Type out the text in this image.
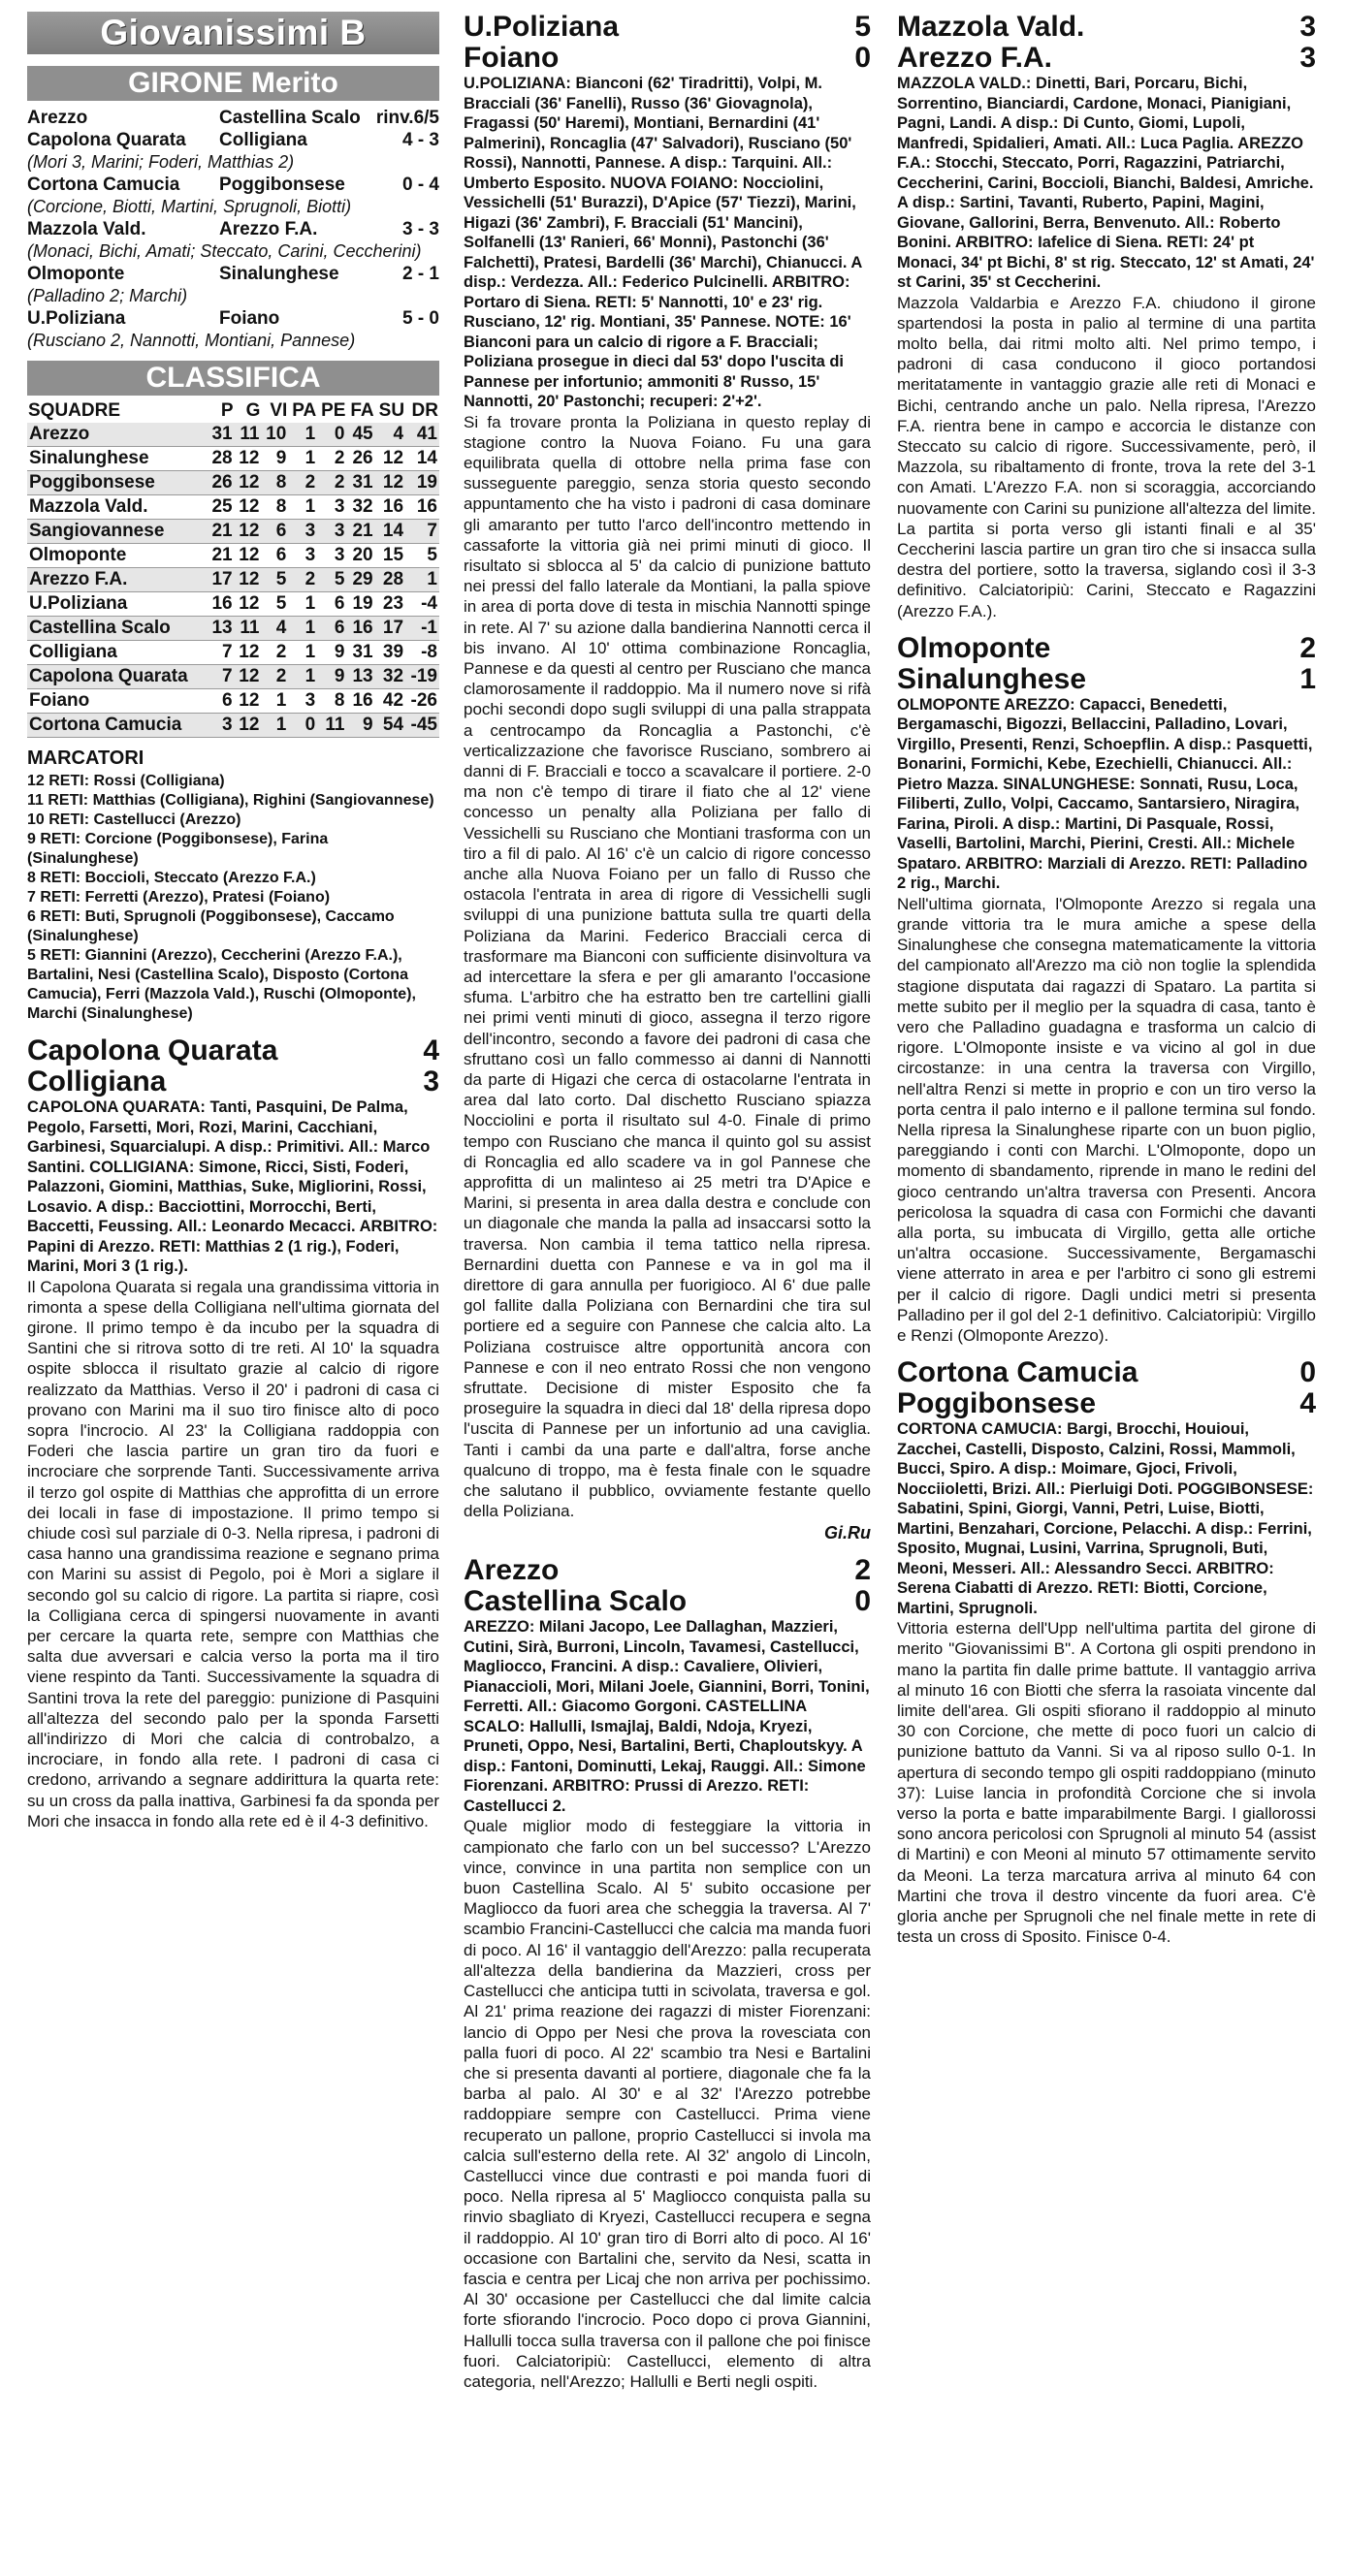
Giovanissimi B
GIRONE Merito
Arezzo	Castellina Scalo rinv.6/5
Capolona Quarata	Colligiana	4 - 3
(Mori 3, Marini; Foderi, Matthias 2)
Cortona Camucia	Poggibonsese	0 - 4
(Corcione, Biotti, Martini, Sprugnoli, Biotti)
Mazzola Vald.	Arezzo F.A.	3 - 3
(Monaci, Bichi, Amati; Steccato, Carini, Ceccherini)
Olmoponte	Sinalunghese	2 - 1
(Palladino 2; Marchi)
U.Poliziana	Foiano	5 - 0
(Rusciano 2, Nannotti, Montiani, Pannese)
CLASSIFICA
SQUADRE	P	G	VI	PA	PE	FA	SU	DR
Arezzo	31	11	10	1	0	45	4	41
Sinalunghese	28	12	9	1	2	26	12	14
Poggibonsese	26	12	8	2	2	31	12	19
Mazzola Vald.	25	12	8	1	3	32	16	16
Sangiovannese	21	12	6	3	3	21	14	7
Olmoponte	21	12	6	3	3	20	15	5
Arezzo F.A.	17	12	5	2	5	29	28	1
U.Poliziana	16	12	5	1	6	19	23	-4
Castellina Scalo	13	11	4	1	6	16	17	-1
Colligiana	7	12	2	1	9	31	39	-8
Capolona Quarata	7	12	2	1	9	13	32	-19
Foiano	6	12	1	3	8	16	42	-26
Cortona Camucia	3	12	1	0	11	9	54	-45
MARCATORI
12 RETI: Rossi (Colligiana)
11 RETI: Matthias (Colligiana), Righini (Sangiovannese)
10 RETI: Castellucci (Arezzo)
9 RETI: Corcione (Poggibonsese), Farina (Sinalunghese)
8 RETI: Boccioli, Steccato (Arezzo F.A.)
7 RETI: Ferretti (Arezzo), Pratesi (Foiano)
6 RETI: Buti, Sprugnoli (Poggibonsese), Caccamo (Sinalunghese)
5 RETI: Giannini (Arezzo), Ceccherini (Arezzo F.A.), Bartalini, Nesi (Castellina Scalo), Disposto (Cortona Camucia), Ferri (Mazzola Vald.), Ruschi (Olmoponte), Marchi (Sinalunghese)
Capolona Quarata	4
Colligiana	3
CAPOLONA QUARATA: Tanti, Pasquini, De Palma, Pegolo, Farsetti, Mori, Rozi, Marini, Cacchiani, Garbinesi, Squarcialupi. A disp.: Primitivi. All.: Marco Santini. COLLIGIANA: Simone, Ricci, Sisti, Foderi, Palazzoni, Giomini, Matthias, Suke, Migliorini, Rossi, Losavio. A disp.: Bacciottini, Morrocchi, Berti, Baccetti, Feussing. All.: Leonardo Mecacci. ARBITRO: Papini di Arezzo. RETI: Matthias 2 (1 rig.), Foderi, Marini, Mori 3 (1 rig.).
Il Capolona Quarata si regala una grandissima vittoria in rimonta a spese della Colligiana nell'ultima giornata del girone. Il primo tempo è da incubo per la squadra di Santini che si ritrova sotto di tre reti. Al 10' la squadra ospite sblocca il risultato grazie al calcio di rigore realizzato da Matthias. Verso il 20' i padroni di casa ci provano con Marini ma il suo tiro finisce alto di poco sopra l'incrocio. Al 23' la Colligiana raddoppia con Foderi che lascia partire un gran tiro da fuori e incrociare che sorprende Tanti. Successivamente arriva il terzo gol ospite di Matthias che approfitta di un errore dei locali in fase di impostazione. Il primo tempo si chiude così sul parziale di 0-3. Nella ripresa, i padroni di casa hanno una grandissima reazione e segnano prima con Marini su assist di Pegolo, poi è Mori a siglare il secondo gol su calcio di rigore. La partita si riapre, così la Colligiana cerca di spingersi nuovamente in avanti per cercare la quarta rete, sempre con Matthias che salta due avversari e calcia verso la porta ma il tiro viene respinto da Tanti. Successivamente la squadra di Santini trova la rete del pareggio: punizione di Pasquini all'altezza del secondo palo per la sponda Farsetti all'indirizzo di Mori che calcia di controbalzo, a incrociare, in fondo alla rete. I padroni di casa ci credono, arrivando a segnare addirittura la quarta rete: su un cross da palla inattiva, Garbinesi fa da sponda per Mori che insacca in fondo alla rete ed è il 4-3 definitivo.
U.Poliziana	5
Foiano	0
U.POLIZIANA: Bianconi (62' Tiradritti), Volpi, M. Bracciali (36' Fanelli), Russo (36' Giovagnola), Fragassi (50' Haremi), Montiani, Bernardini (41' Palmerini), Roncaglia (47' Salvadori), Rusciano (50' Rossi), Nannotti, Pannese. A disp.: Tarquini. All.: Umberto Esposito. NUOVA FOIANO: Nocciolini, Vessichelli (51' Burazzi), D'Apice (57' Tiezzi), Marini, Higazi (36' Zambri), F. Bracciali (51' Mancini), Solfanelli (13' Ranieri, 66' Monni), Pastonchi (36' Falchetti), Pratesi, Bardelli (36' Marchi), Chianucci. A disp.: Verdezza. All.: Federico Pulcinelli. ARBITRO: Portaro di Siena. RETI: 5' Nannotti, 10' e 23' rig. Rusciano, 12' rig. Montiani, 35' Pannese. NOTE: 16' Bianconi para un calcio di rigore a F. Bracciali; Poliziana prosegue in dieci dal 53' dopo l'uscita di Pannese per infortunio; ammoniti 8' Russo, 15' Nannotti, 20' Pastonchi; recuperi: 2'+2'.
Si fa trovare pronta la Poliziana in questo replay di stagione contro la Nuova Foiano. Fu una gara equilibrata quella di ottobre nella prima fase con susseguente pareggio, senza storia questo secondo appuntamento che ha visto i padroni di casa dominare gli amaranto per tutto l'arco dell'incontro mettendo in cassaforte la vittoria già nei primi minuti di gioco. Il risultato si sblocca al 5' da calcio di punizione battuto nei pressi del fallo laterale da Montiani, la palla spiove in area di porta dove di testa in mischia Nannotti spinge in rete. Al 7' su azione dalla bandierina Nannotti cerca il bis invano. Al 10' ottima combinazione Roncaglia, Pannese e da questi al centro per Rusciano che manca clamorosamente il raddoppio. Ma il numero nove si rifà pochi secondi dopo sugli sviluppi di una palla strappata a centrocampo da Roncaglia a Pastonchi, c'è verticalizzazione che favorisce Rusciano, sombrero ai danni di F. Bracciali e tocco a scavalcare il portiere. 2-0 ma non c'è tempo di tirare il fiato che al 12' viene concesso un penalty alla Poliziana per fallo di Vessichelli su Rusciano che Montiani trasforma con un tiro a fil di palo. Al 16' c'è un calcio di rigore concesso anche alla Nuova Foiano per un fallo di Russo che ostacola l'entrata in area di rigore di Vessichelli sugli sviluppi di una punizione battuta sulla tre quarti della Poliziana da Marini. Federico Bracciali cerca di trasformare ma Bianconi con sufficiente disinvoltura va ad intercettare la sfera e per gli amaranto l'occasione sfuma. L'arbitro che ha estratto ben tre cartellini gialli nei primi venti minuti di gioco, assegna il terzo rigore dell'incontro, secondo a favore dei padroni di casa che sfruttano così un fallo commesso ai danni di Nannotti da parte di Higazi che cerca di ostacolarne l'entrata in area dal lato corto. Dal dischetto Rusciano spiazza Nocciolini e porta il risultato sul 4-0. Finale di primo tempo con Rusciano che manca il quinto gol su assist di Roncaglia ed allo scadere va in gol Pannese che approfitta di un malinteso ai 25 metri tra D'Apice e Marini, si presenta in area dalla destra e conclude con un diagonale che manda la palla ad insaccarsi sotto la traversa. Non cambia il tema tattico nella ripresa. Bernardini duetta con Pannese e va in gol ma il direttore di gara annulla per fuorigioco. Al 6' due palle gol fallite dalla Poliziana con Bernardini che tira sul portiere ed a seguire con Pannese che calcia alto. La Poliziana costruisce altre opportunità ancora con Pannese e con il neo entrato Rossi che non vengono sfruttate. Decisione di mister Esposito che fa proseguire la squadra in dieci dal 18' della ripresa dopo l'uscita di Pannese per un infortunio ad una caviglia. Tanti i cambi da una parte e dall'altra, forse anche qualcuno di troppo, ma è festa finale con le squadre che salutano il pubblico, ovviamente festante quello della Poliziana.
Gi.Ru
Arezzo	2
Castellina Scalo	0
AREZZO: Milani Jacopo, Lee Dallaghan, Mazzieri, Cutini, Sirà, Burroni, Lincoln, Tavamesi, Castellucci, Magliocco, Francini. A disp.: Cavaliere, Olivieri, Pianaccioli, Mori, Milani Joele, Giannini, Borri, Tonini, Ferretti. All.: Giacomo Gorgoni. CASTELLINA SCALO: Hallulli, Ismajlaj, Baldi, Ndoja, Kryezi, Pruneti, Oppo, Nesi, Bartalini, Berti, Chaploutskyy. A disp.: Fantoni, Dominutti, Lekaj, Rauggi. All.: Simone Fiorenzani. ARBITRO: Prussi di Arezzo. RETI: Castellucci 2.
Quale miglior modo di festeggiare la vittoria in campionato che farlo con un bel successo? L'Arezzo vince, convince in una partita non semplice con un buon Castellina Scalo. Al 5' subito occasione per Magliocco da fuori area che scheggia la traversa. Al 7' scambio Francini-Castellucci che calcia ma manda fuori di poco. Al 16' il vantaggio dell'Arezzo: palla recuperata all'altezza della bandierina da Mazzieri, cross per Castellucci che anticipa tutti in scivolata, traversa e gol. Al 21' prima reazione dei ragazzi di mister Fiorenzani: lancio di Oppo per Nesi che prova la rovesciata con palla fuori di poco. Al 22' scambio tra Nesi e Bartalini che si presenta davanti al portiere, diagonale che fa la barba al palo. Al 30' e al 32' l'Arezzo potrebbe raddoppiare sempre con Castellucci. Prima viene recuperato un pallone, proprio Castellucci si invola ma calcia sull'esterno della rete. Al 32' angolo di Lincoln, Castellucci vince due contrasti e poi manda fuori di poco. Nella ripresa al 5' Magliocco conquista palla su rinvio sbagliato di Kryezi, Castellucci recupera e segna il raddoppio. Al 10' gran tiro di Borri alto di poco. Al 16' occasione con Bartalini che, servito da Nesi, scatta in fascia e centra per Licaj che non arriva per pochissimo. Al 30' occasione per Castellucci che dal limite calcia forte sfiorando l'incrocio. Poco dopo ci prova Giannini, Hallulli tocca sulla traversa con il pallone che poi finisce fuori. Calciatoripiù: Castellucci, elemento di altra categoria, nell'Arezzo; Hallulli e Berti negli ospiti.
Mazzola Vald.	3
Arezzo F.A.	3
MAZZOLA VALD.: Dinetti, Bari, Porcaru, Bichi, Sorrentino, Bianciardi, Cardone, Monaci, Pianigiani, Pagni, Landi. A disp.: Di Cunto, Giomi, Lupoli, Manfredi, Spidalieri, Amati. All.: Luca Paglia. AREZZO F.A.: Stocchi, Steccato, Porri, Ragazzini, Patriarchi, Ceccherini, Carini, Boccioli, Bianchi, Baldesi, Amriche. A disp.: Sartini, Tavanti, Ruberto, Papini, Magini, Giovane, Gallorini, Berra, Benvenuto. All.: Roberto Bonini. ARBITRO: Iafelice di Siena. RETI: 24' pt Monaci, 34' pt Bichi, 8' st rig. Steccato, 12' st Amati, 24' st Carini, 35' st Ceccherini.
Mazzola Valdarbia e Arezzo F.A. chiudono il girone spartendosi la posta in palio al termine di una partita molto bella, dai ritmi molto alti. Nel primo tempo, i padroni di casa conducono il gioco portandosi meritatamente in vantaggio grazie alle reti di Monaci e Bichi, centrando anche un palo. Nella ripresa, l'Arezzo F.A. rientra bene in campo e accorcia le distanze con Steccato su calcio di rigore. Successivamente, però, il Mazzola, su ribaltamento di fronte, trova la rete del 3-1 con Amati. L'Arezzo F.A. non si scoraggia, accorciando nuovamente con Carini su punizione all'altezza del limite. La partita si porta verso gli istanti finali e al 35' Ceccherini lascia partire un gran tiro che si insacca sulla destra del portiere, sotto la traversa, siglando così il 3-3 definitivo. Calciatoripiù: Carini, Steccato e Ragazzini (Arezzo F.A.).
Olmoponte	2
Sinalunghese	1
OLMOPONTE AREZZO: Capacci, Benedetti, Bergamaschi, Bigozzi, Bellaccini, Palladino, Lovari, Virgillo, Presenti, Renzi, Schoepflin. A disp.: Pasquetti, Bonarini, Formichi, Kebe, Ezechielli, Chianucci. All.: Pietro Mazza. SINALUNGHESE: Sonnati, Rusu, Loca, Filiberti, Zullo, Volpi, Caccamo, Santarsiero, Niragira, Farina, Piroli. A disp.: Martini, Di Pasquale, Rossi, Vaselli, Bartolini, Marchi, Pierini, Cresti. All.: Michele Spataro. ARBITRO: Marziali di Arezzo. RETI: Palladino 2 rig., Marchi.
Nell'ultima giornata, l'Olmoponte Arezzo si regala una grande vittoria tra le mura amiche a spese della Sinalunghese che consegna matematicamente la vittoria del campionato all'Arezzo ma ciò non toglie la splendida stagione disputata dai ragazzi di Spataro. La partita si mette subito per il meglio per la squadra di casa, tanto è vero che Palladino guadagna e trasforma un calcio di rigore. L'Olmoponte insiste e va vicino al gol in due circostanze: in una centra la traversa con Virgillo, nell'altra Renzi si mette in proprio e con un tiro verso la porta centra il palo interno e il pallone termina sul fondo. Nella ripresa la Sinalunghese riparte con un buon piglio, pareggiando i conti con Marchi. L'Olmoponte, dopo un momento di sbandamento, riprende in mano le redini del gioco centrando un'altra traversa con Presenti. Ancora pericolosa la squadra di casa con Formichi che davanti alla porta, su imbucata di Virgillo, getta alle ortiche un'altra occasione. Successivamente, Bergamaschi viene atterrato in area e per l'arbitro ci sono gli estremi per il calcio di rigore. Dagli undici metri si presenta Palladino per il gol del 2-1 definitivo. Calciatoripiù: Virgillo e Renzi (Olmoponte Arezzo).
Cortona Camucia	0
Poggibonsese	4
CORTONA CAMUCIA: Bargi, Brocchi, Houioui, Zacchei, Castelli, Disposto, Calzini, Rossi, Mammoli, Bucci, Spiro. A disp.: Moimare, Gjoci, Frivoli, Nocciioletti, Brizi. All.: Pierluigi Doti. POGGIBONSESE: Sabatini, Spini, Giorgi, Vanni, Petri, Luise, Biotti, Martini, Benzahari, Corcione, Pelacchi. A disp.: Ferrini, Sposito, Mugnai, Lusini, Varrina, Sprugnoli, Buti, Meoni, Messeri. All.: Alessandro Secci. ARBITRO: Serena Ciabatti di Arezzo. RETI: Biotti, Corcione, Martini, Sprugnoli.
Vittoria esterna dell'Upp nell'ultima partita del girone di merito "Giovanissimi B". A Cortona gli ospiti prendono in mano la partita fin dalle prime battute. Il vantaggio arriva al minuto 16 con Biotti che sferra la rasoiata vincente dal limite dell'area. Gli ospiti sfiorano il raddoppio al minuto 30 con Corcione, che mette di poco fuori un calcio di punizione battuto da Vanni. Si va al riposo sullo 0-1. In apertura di secondo tempo gli ospiti raddoppiano (minuto 37): Luise lancia in profondità Corcione che si invola verso la porta e batte imparabilmente Bargi. I giallorossi sono ancora pericolosi con Sprugnoli al minuto 54 (assist di Martini) e con Meoni al minuto 57 ottimamente servito da Meoni. La terza marcatura arriva al minuto 64 con Martini che trova il destro vincente da fuori area. C'è gloria anche per Sprugnoli che nel finale mette in rete di testa un cross di Sposito. Finisce 0-4.
